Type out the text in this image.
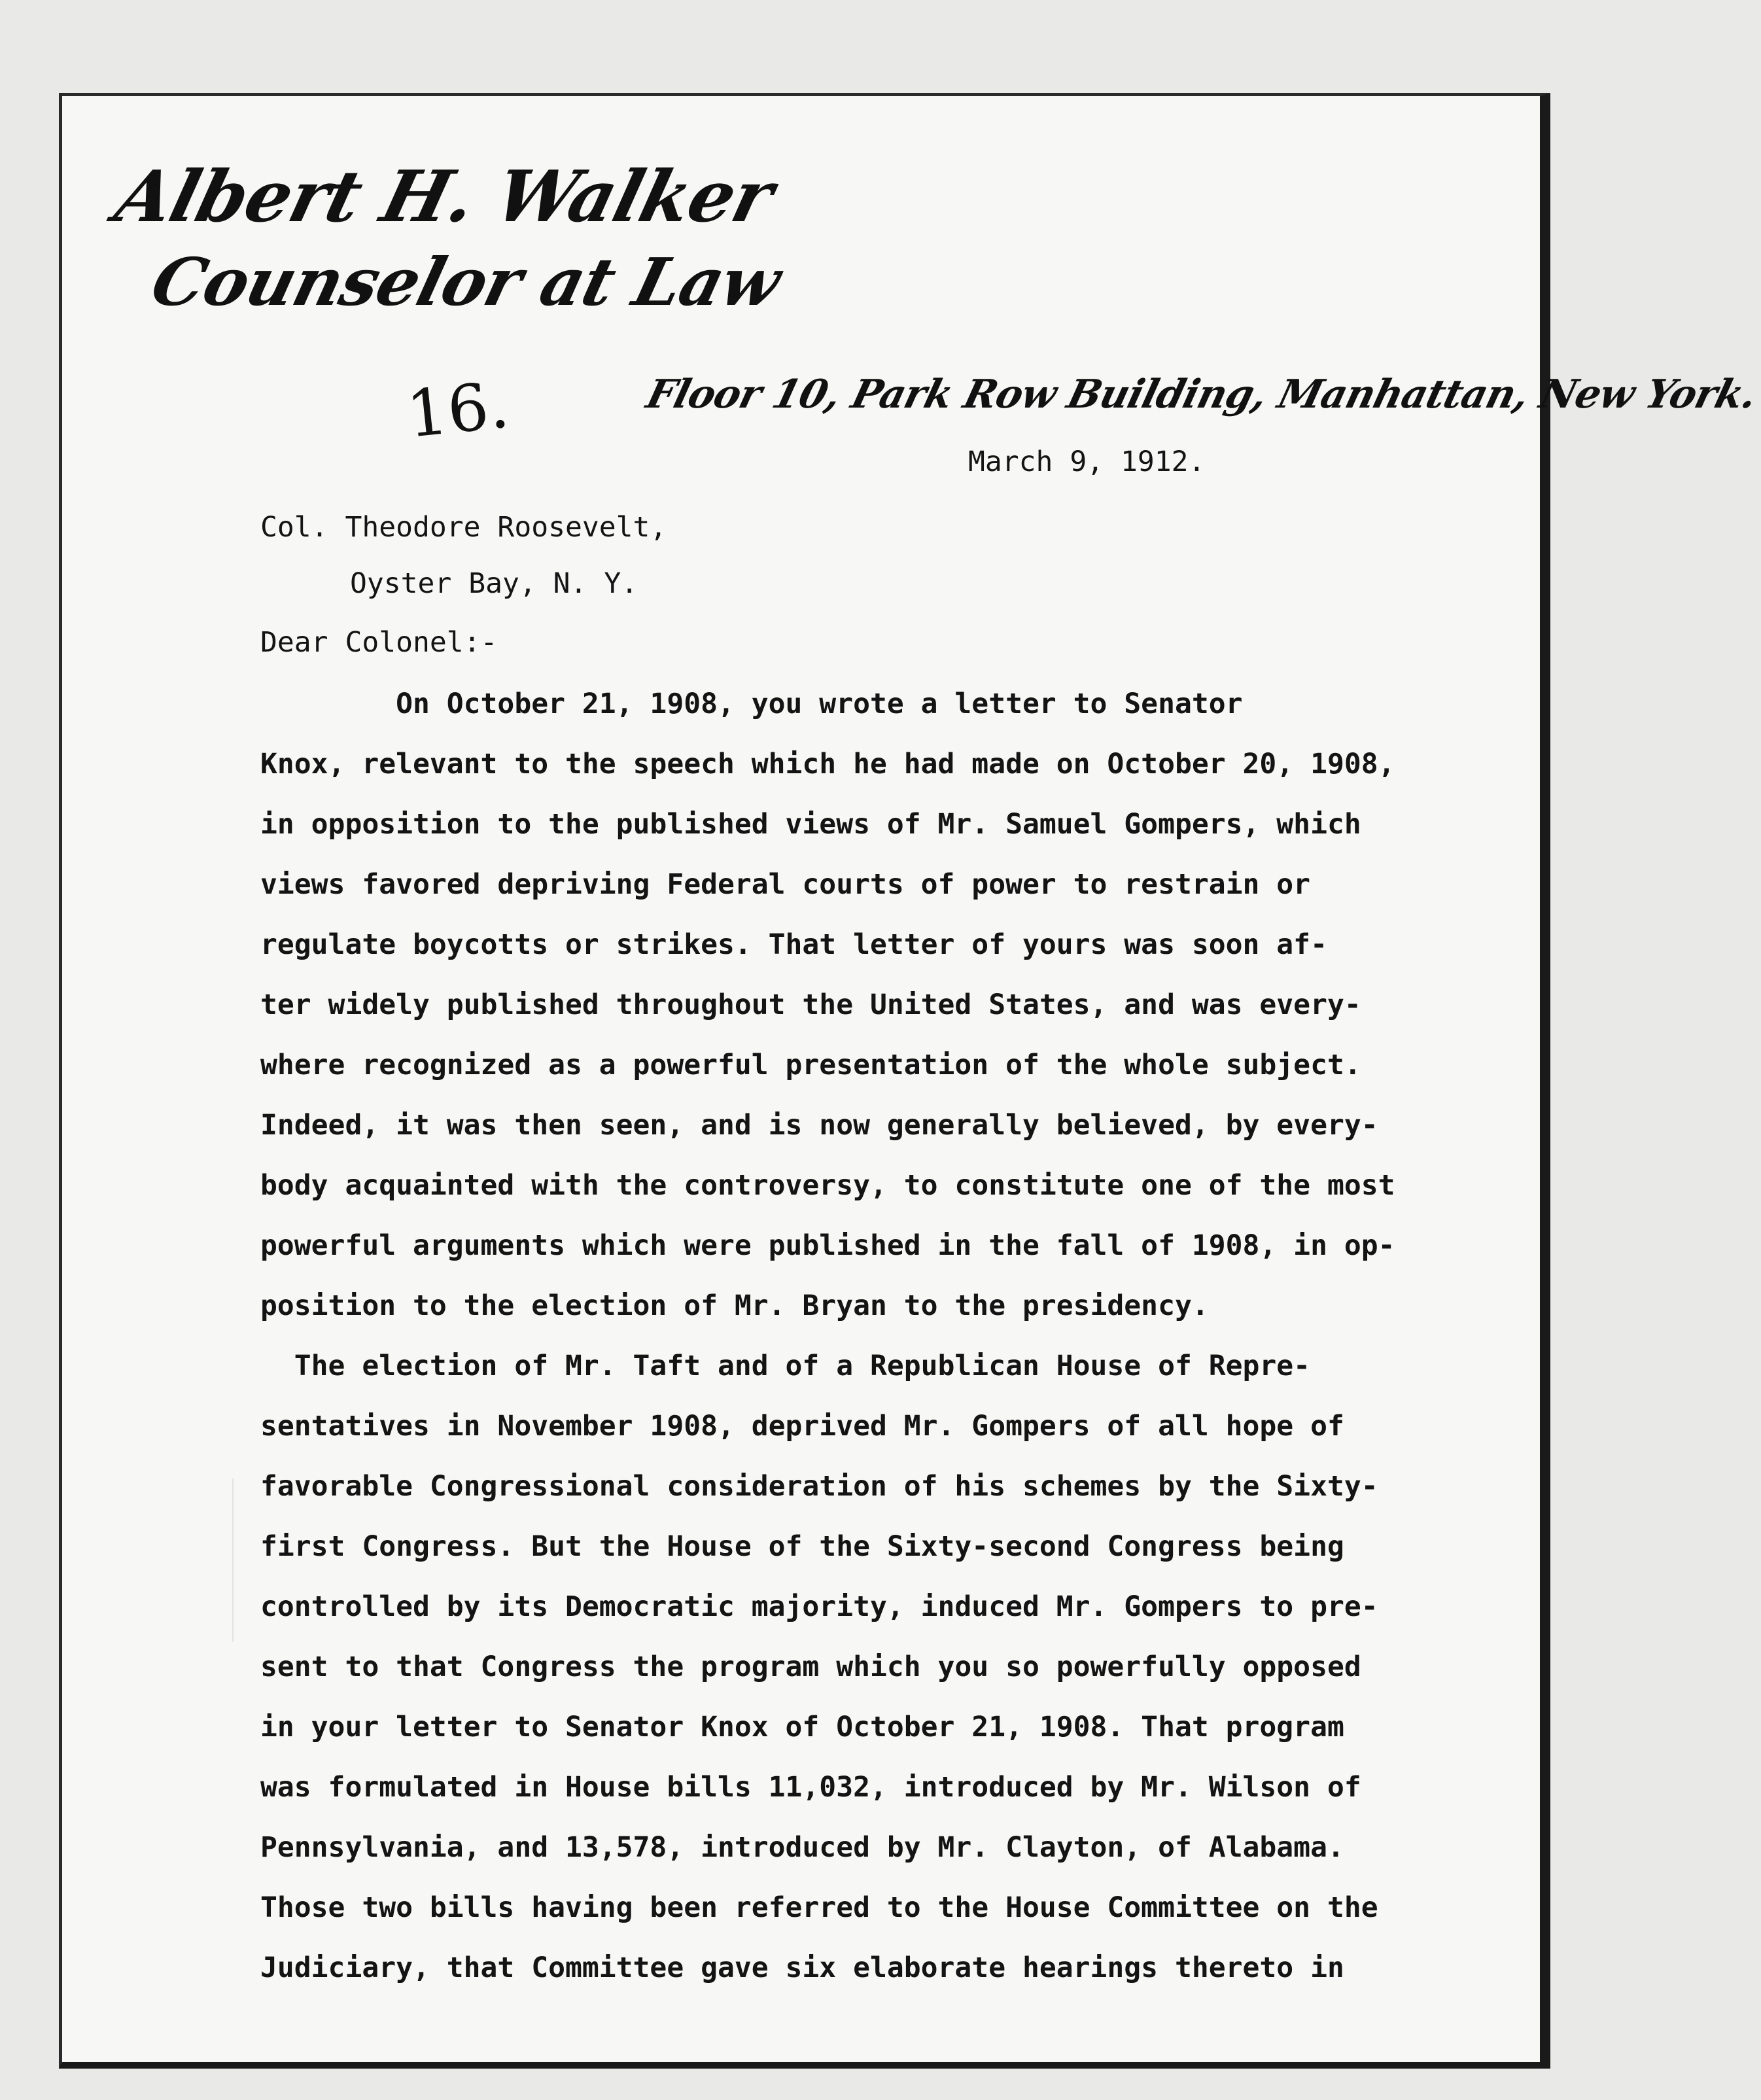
Albert H. Walker
Counselor at Law
16.	Floor 10, Park Row Building, Manhattan, New York.
March 9, 1912.
Col. Theodore Roosevelt,
Oyster Bay, N. Y.
Dear Colonel:-
On October 21, 1908, you wrote a letter to Senator
Knox, relevant to the speech which he had made on October 20, 1908,
in opposition to the published views of Mr. Samuel Gompers, which
views favored depriving Federal courts of power to restrain or
regulate boycotts or strikes. That letter of yours was soon af-
ter widely published throughout the United States, and was every-
where recognized as a powerful presentation of the whole subject.
Indeed, it was then seen, and is now generally believed, by every-
body acquainted with the controversy, to constitute one of the most
powerful arguments which were published in the fall of 1908, in op-
position to the election of Mr. Bryan to the presidency.
The election of Mr. Taft and of a Republican House of Repre-
sentatives in November 1908, deprived Mr. Gompers of all hope of
favorable Congressional consideration of his schemes by the Sixty-
first Congress. But the House of the Sixty-second Congress being
controlled by its Democratic majority, induced Mr. Gompers to pre-
sent to that Congress the program which you so powerfully opposed
in your letter to Senator Knox of October 21, 1908. That program
was formulated in House bills 11,032, introduced by Mr. Wilson of
Pennsylvania, and 13,578, introduced by Mr. Clayton, of Alabama.
Those two bills having been referred to the House Committee on the
Judiciary, that Committee gave six elaborate hearings thereto in
